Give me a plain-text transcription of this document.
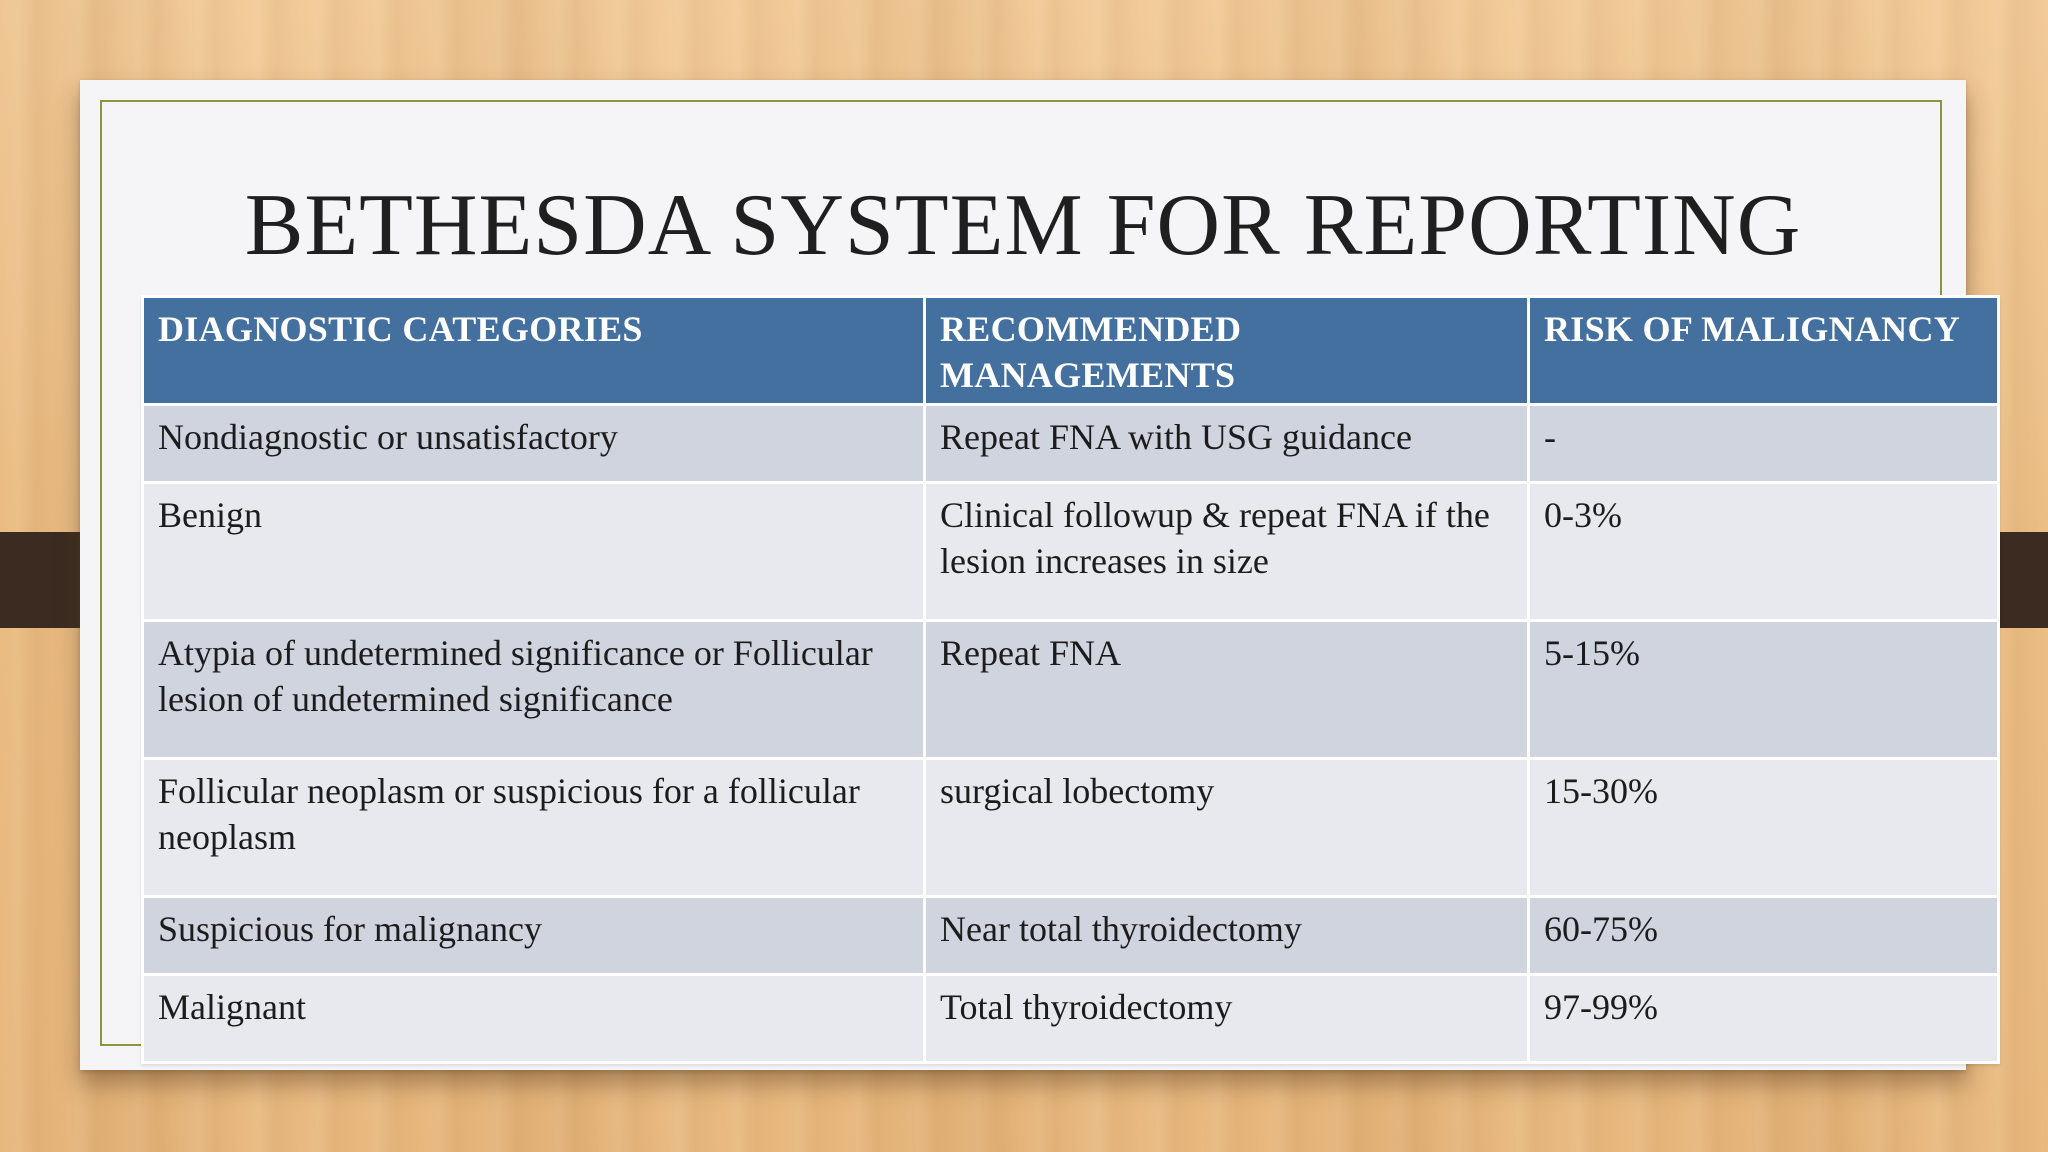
BETHESDA SYSTEM FOR REPORTING
DIAGNOSTIC CATEGORIES	RECOMMENDED MANAGEMENTS	RISK OF MALIGNANCY
Nondiagnostic or unsatisfactory	Repeat FNA with USG guidance	-
Benign	Clinical followup & repeat FNA if the lesion increases in size	0-3%
Atypia of undetermined significance or Follicular lesion of undetermined significance	Repeat FNA	5-15%
Follicular neoplasm or suspicious for a follicular neoplasm	surgical lobectomy	15-30%
Suspicious for malignancy	Near total thyroidectomy	60-75%
Malignant	Total thyroidectomy	97-99%
